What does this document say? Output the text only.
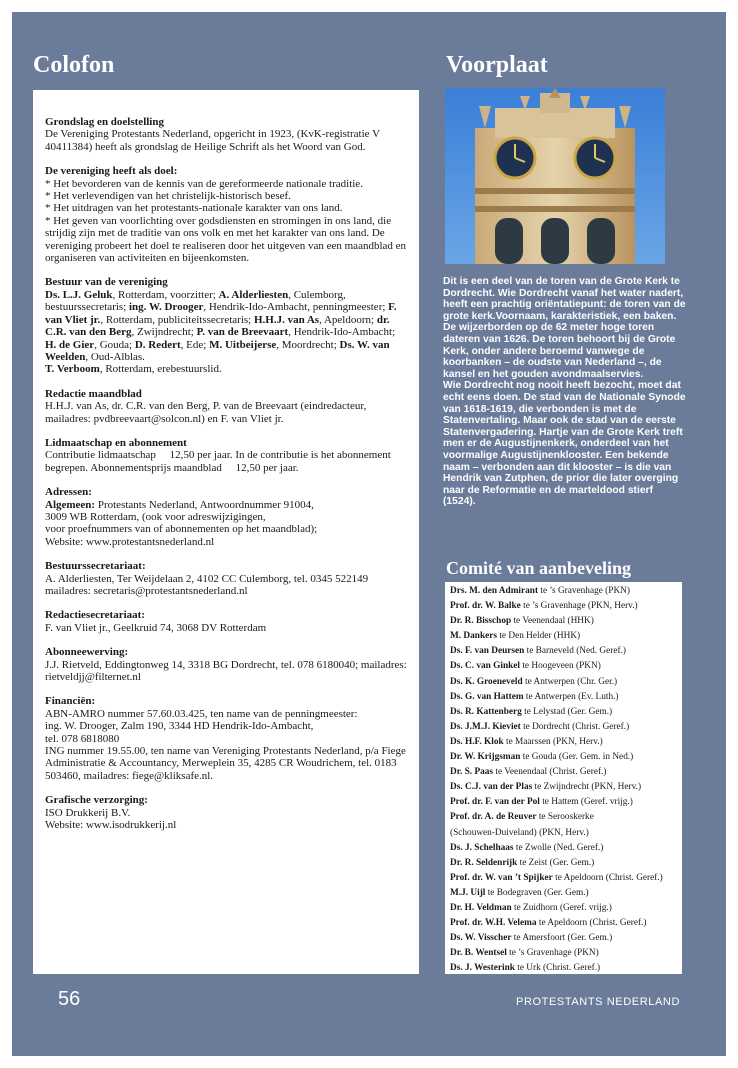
Colofon	Voorplaat

Grondslag en doelstelling

De Vereniging Protestants Nederland, opgericht in 1923, (KvK-registratie V 40411384) heeft als grondslag de Heilige Schrift als het Woord van God.

De vereniging heeft als doel:

* Het bevorderen van de kennis van de gereformeerde nationale traditie.

* Het verlevendigen van het christelijk-historisch besef.

* Het uitdragen van het protestants-nationale karakter van ons land.

* Het geven van voorlichting over godsdiensten en stromingen in ons land, die strijdig zijn met de traditie van ons volk en met het karakter van ons land. De vereniging probeert het doel te realiseren door het uitgeven van een maandblad en organiseren van activiteiten en bijeenkomsten.

Bestuur van de vereniging

Ds. L.J. Geluk, Rotterdam, voorzitter; A. Alderliesten, Culemborg, bestuurssecretaris; ing. W. Drooger, Hendrik-Ido-Ambacht, penningmeester; F. van Vliet jr., Rotterdam, publiciteitssecretaris; H.H.J. van As, Apeldoorn; dr. C.R. van den Berg, Zwijndrecht; P. van de Breevaart, Hendrik-Ido-Ambacht; H. de Gier, Gouda; D. Redert, Ede; M. Uitbeijerse, Moordrecht; Ds. W. van Weelden, Oud-Alblas.

T. Verboom, Rotterdam, erebestuurslid.

Redactie maandblad

H.H.J. van As, dr. C.R. van den Berg, P. van de Breevaart (eindredacteur, mailadres: pvdbreevaart@solcon.nl) en F. van Vliet jr.

Lidmaatschap en abonnement

Contributie lidmaatschap     12,50 per jaar. In de contributie is het abonnement begrepen. Abonnementsprijs maandblad     12,50 per jaar.

Adressen:

Algemeen: Protestants Nederland, Antwoordnummer 91004,

3009 WB Rotterdam, (ook voor adreswijzigingen,

voor proefnummers van of abonnementen op het maandblad);

Website: www.protestantsnederland.nl

Bestuurssecretariaat:

A. Alderliesten, Ter Weijdelaan 2, 4102 CC Culemborg, tel. 0345 522149 mailadres: secretaris@protestantsnederland.nl

Redactiesecretariaat:

F. van Vliet jr., Geelkruid 74, 3068 DV Rotterdam

Abonneewerving:

J.J. Rietveld, Eddingtonweg 14, 3318 BG Dordrecht, tel. 078 6180040; mailadres: rietveldjj@filternet.nl

Financiën:

ABN-AMRO nummer 57.60.03.425, ten name van de penningmeester:

ing. W. Drooger, Zalm 190, 3344 HD Hendrik-Ido-Ambacht,

tel. 078 6818080

ING nummer 19.55.00, ten name van Vereniging Protestants Nederland, p/a Fiege Administratie & Accountancy, Merweplein 35, 4285 CR Woudrichem, tel. 0183 503460, mailadres: fiege@kliksafe.nl.

Grafische verzorging:

ISO Drukkerij B.V.

Website: www.isodrukkerij.nl

Dit is een deel van de toren van de Grote Kerk te Dordrecht. Wie Dordrecht vanaf het water nadert, heeft een prachtig oriëntatiepunt: de toren van de grote kerk.Voornaam, karakteristiek, een baken. De wijzerborden op de 62 meter hoge toren dateren van 1626. De toren behoort bij de Grote Kerk, onder andere beroemd vanwege de koorbanken – de oudste van Nederland –, de kansel en het gouden avondmaalservies.

Wie Dordrecht nog nooit heeft bezocht, moet dat echt eens doen. De stad van de Nationale Synode van 1618-1619, die verbonden is met de Statenvertaling. Maar ook de stad van de eerste Statenvergadering. Hartje van de Grote Kerk treft men er de Augustijnenkerk, onderdeel van het voormalige Augustijnenklooster. Een bekende naam – verbonden aan dit klooster – is die van Hendrik van Zutphen, de prior die later overging naar de Reformatie en de marteldood stierf (1524).

Comité van aanbeveling
Drs. M. den Admirant te ’s Gravenhage (PKN)
Prof. dr. W. Balke te ’s Gravenhage (PKN, Herv.)
Dr. R. Bisschop te Veenendaal (HHK)
M. Dankers te Den Helder (HHK)
Ds. F. van Deursen te Barneveld (Ned. Geref.)
Ds. C. van Ginkel te Hoogeveen (PKN)
Ds. K. Groeneveld te Antwerpen (Chr. Ger.)
Ds. G. van Hattem te Antwerpen (Ev. Luth.)
Ds. R. Kattenberg te Lelystad (Ger. Gem.)
Ds. J.M.J. Kieviet te Dordrecht (Christ. Geref.)
Ds. H.F. Klok te Maarssen (PKN, Herv.)
Dr. W. Krijgsman te Gouda (Ger. Gem. in Ned.)
Dr. S. Paas te Veenendaal (Christ. Geref.)
Ds. C.J. van der Plas te Zwijndrecht (PKN, Herv.)
Prof. dr. F. van der Pol te Hattem (Geref. vrijg.)
Prof. dr. A. de Reuver te Serooskerke
(Schouwen-Duiveland) (PKN, Herv.)
Ds. J. Schelhaas te Zwolle (Ned. Geref.)
Dr. R. Seldenrijk te Zeist (Ger. Gem.)
Prof. dr. W. van ’t Spijker te Apeldoorn (Christ. Geref.)
M.J. Uijl te Bodegraven (Ger. Gem.)
Dr. H. Veldman te Zuidhorn (Geref. vrijg.)
Prof. dr. W.H. Velema te Apeldoorn (Christ. Geref.)
Ds. W. Visscher te Amersfoort (Ger. Gem.)
Dr. B. Wentsel te ’s Gravenhage (PKN)
Ds. J. Westerink te Urk (Christ. Geref.)
56	PROTESTANTS NEDERLAND
